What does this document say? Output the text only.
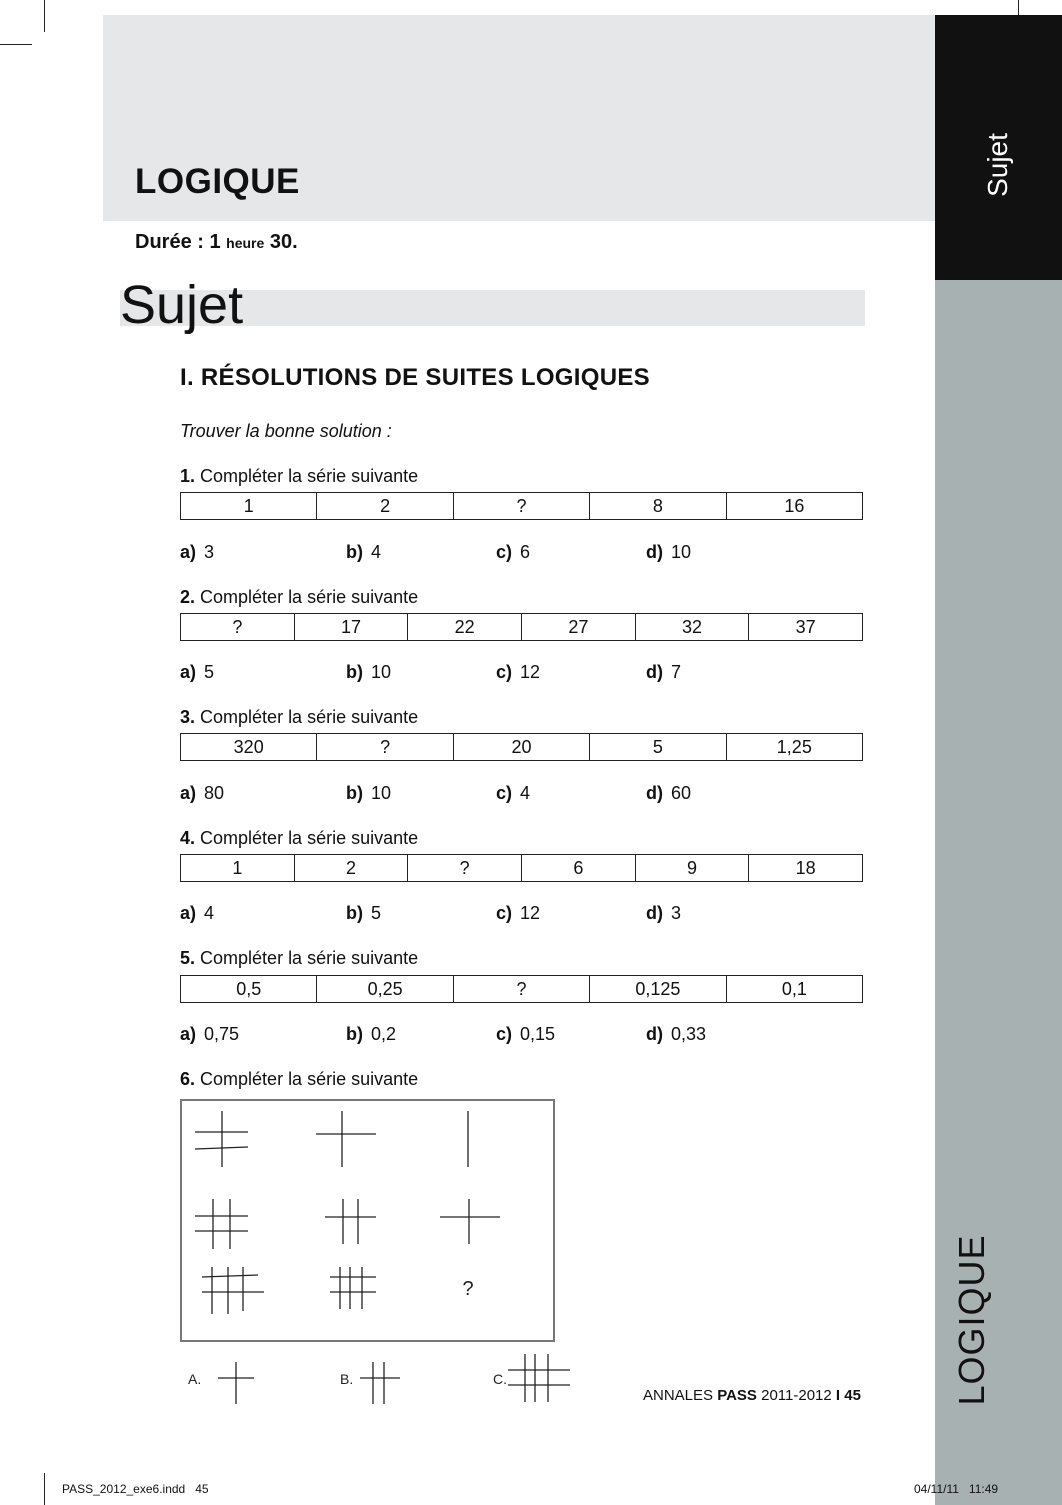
LOGIQUE
Durée : 1 heure 30.
Sujet
LOGIQUE
Sujet
I. RÉSOLUTIONS DE SUITES LOGIQUES
Trouver la bonne solution :
1. Compléter la série suivante
1	2	?	8	16
a) 3	b) 4	c) 6	d) 10
2. Compléter la série suivante
?	17	22	27	32	37
a) 5	b) 10	c) 12	d) 7
3. Compléter la série suivante
320	?	20	5	1,25
a) 80	b) 10	c) 4	d) 60
4. Compléter la série suivante
1	2	?	6	9	18
a) 4	b) 5	c) 12	d) 3
5. Compléter la série suivante
0,5	0,25	?	0,125	0,1
a) 0,75	b) 0,2	c) 0,15	d) 0,33
6. Compléter la série suivante
?
A.	B.	C.
ANNALES PASS 2011-2012 I 45
PASS_2012_exe6.indd   45	04/11/11   11:49
